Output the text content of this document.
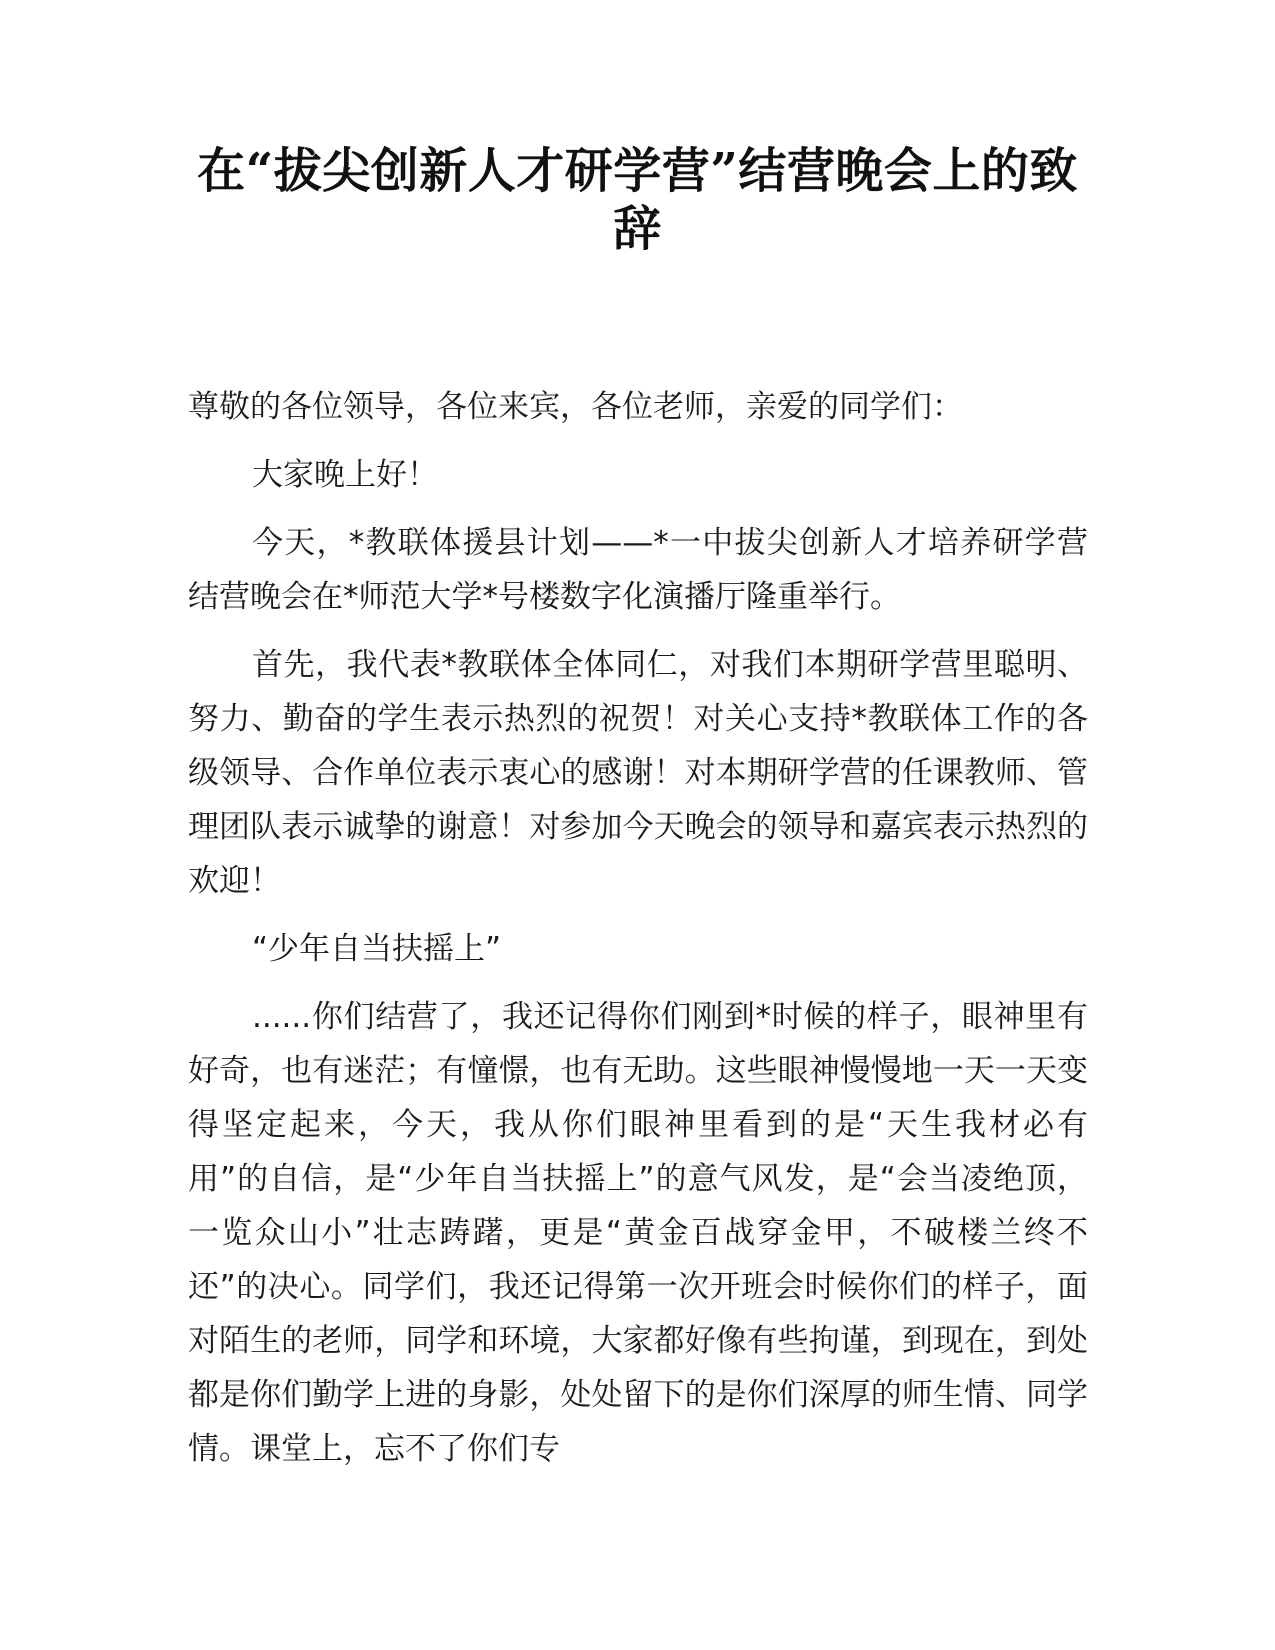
在“拔尖创新人才研学营”结营晚会上的致辞

尊敬的各位领导，各位来宾，各位老师，亲爱的同学们：

大家晚上好！

今天，*教联体援县计划——*一中拔尖创新人才培养研学营结营晚会在*师范大学*号楼数字化演播厅隆重举行。

首先，我代表*教联体全体同仁，对我们本期研学营里聪明、努力、勤奋的学生表示热烈的祝贺！对关心支持*教联体工作的各级领导、合作单位表示衷心的感谢！对本期研学营的任课教师、管理团队表示诚挚的谢意！对参加今天晚会的领导和嘉宾表示热烈的欢迎！

“少年自当扶摇上”

......你们结营了，我还记得你们刚到*时候的样子，眼神里有好奇，也有迷茫；有憧憬，也有无助。这些眼神慢慢地一天一天变得坚定起来，今天，我从你们眼神里看到的是“天生我材必有用”的自信，是“少年自当扶摇上”的意气风发，是“会当凌绝顶，一览众山小”壮志踌躇，更是“黄金百战穿金甲，不破楼兰终不还”的决心。同学们，我还记得第一次开班会时候你们的样子，面对陌生的老师，同学和环境，大家都好像有些拘谨，到现在，到处都是你们勤学上进的身影，处处留下的是你们深厚的师生情、同学情。课堂上，忘不了你们专
